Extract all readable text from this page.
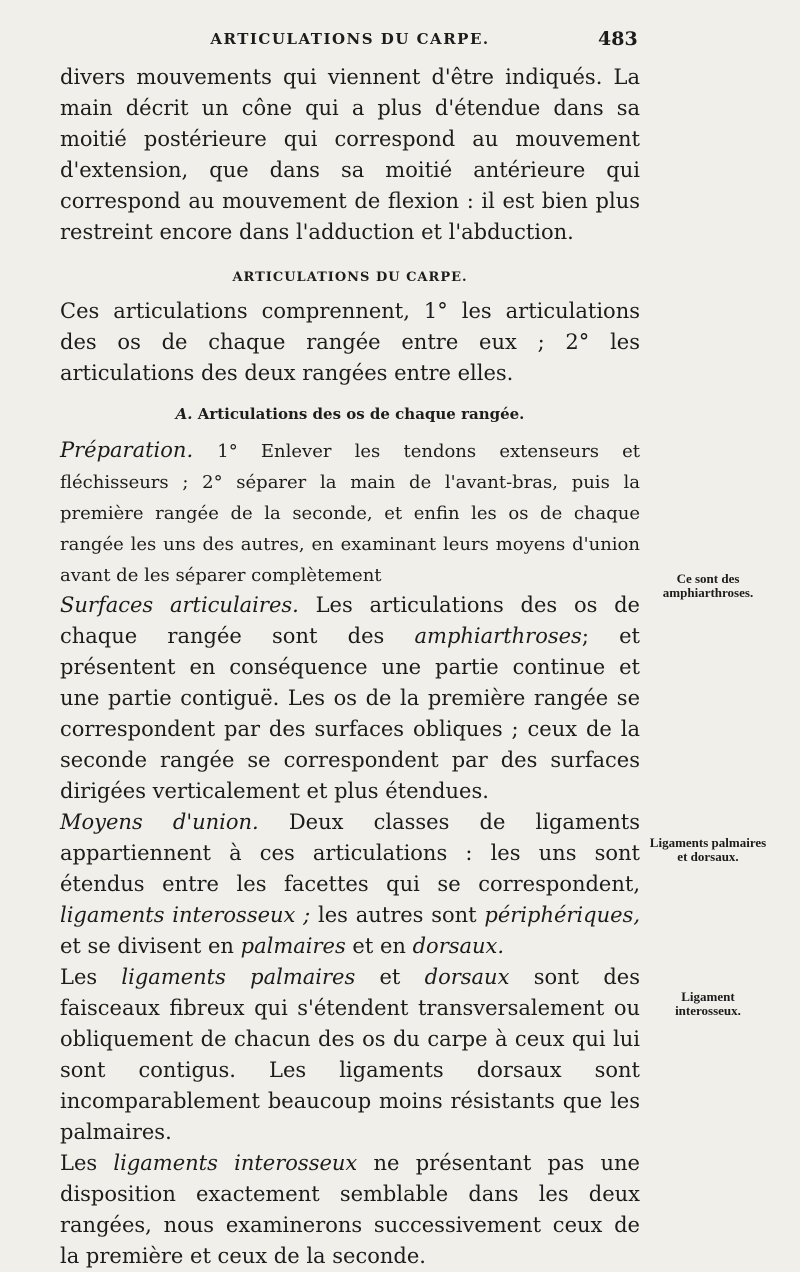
ARTICULATIONS DU CARPE.	483

divers mouvements qui viennent d'être indiqués. La main décrit un cône qui a plus d'étendue dans sa moitié postérieure qui correspond au mouvement d'extension, que dans sa moitié antérieure qui correspond au mouvement de flexion : il est bien plus restreint encore dans l'adduction et l'abduction.

ARTICULATIONS DU CARPE.

Ces articulations comprennent, 1° les articulations des os de chaque rangée entre eux ; 2° les articulations des deux rangées entre elles.

A. Articulations des os de chaque rangée.

Préparation. 1° Enlever les tendons extenseurs et fléchisseurs ; 2° séparer la main de l'avant-bras, puis la première rangée de la seconde, et enfin les os de chaque rangée les uns des autres, en examinant leurs moyens d'union avant de les séparer complètement

Surfaces articulaires. Les articulations des os de chaque rangée sont des amphiarthroses; et présentent en conséquence une partie continue et une partie contiguë. Les os de la première rangée se correspondent par des surfaces obliques ; ceux de la seconde rangée se correspondent par des surfaces dirigées verticalement et plus étendues.

Moyens d'union. Deux classes de ligaments appartiennent à ces articulations : les uns sont étendus entre les facettes qui se correspondent, ligaments interosseux ; les autres sont périphériques, et se divisent en palmaires et en dorsaux.

Les ligaments palmaires et dorsaux sont des faisceaux fibreux qui s'étendent transversalement ou obliquement de chacun des os du carpe à ceux qui lui sont contigus. Les ligaments dorsaux sont incomparablement beaucoup moins résistants que les palmaires.

Les ligaments interosseux ne présentant pas une disposition exactement semblable dans les deux rangées, nous examinerons successivement ceux de la première et ceux de la seconde.

Ce sont des amphiarthroses.
Ligaments palmaires et dorsaux.
Ligament interosseux.
